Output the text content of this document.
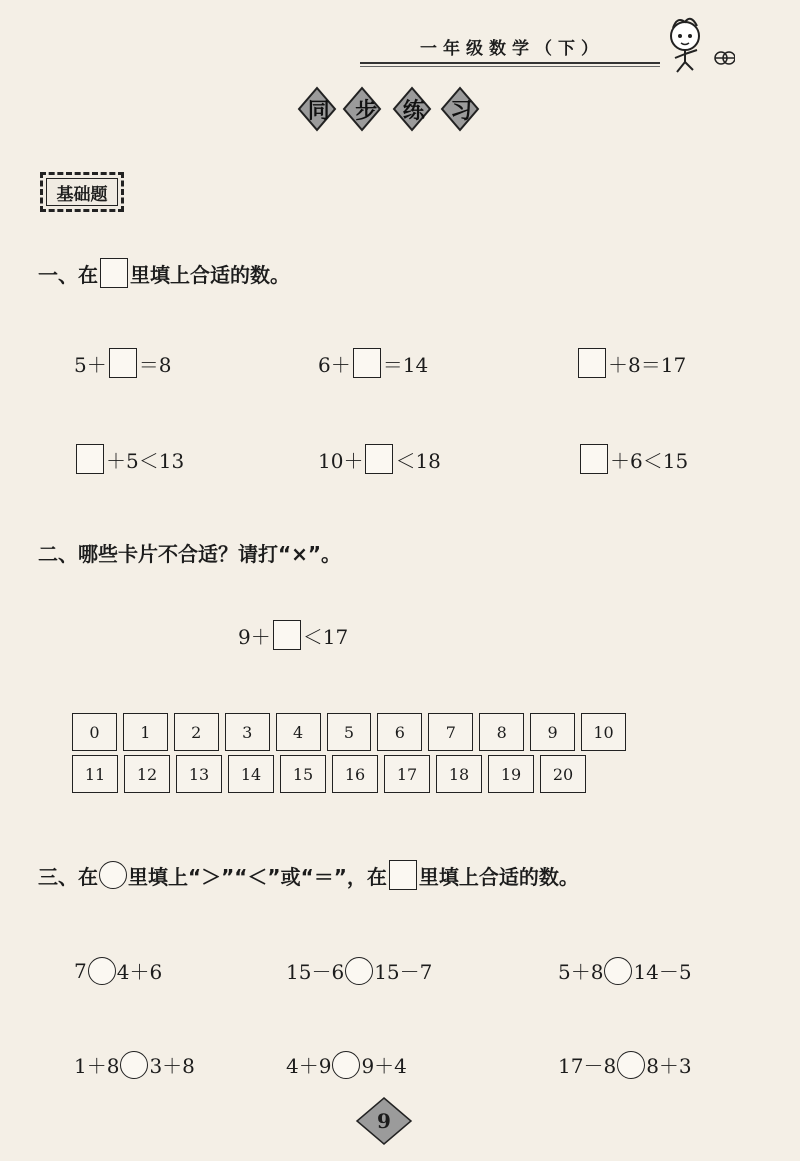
一年级数学（下）
同 步 练 习
基础题
一、在 里填上合适的数。
5＋ ＝8	6＋ ＝14	＋8＝17
＋5＜13	10＋ ＜18	＋6＜15
二、哪些卡片不合适？请打“×”。
9＋ ＜17
0	1	2	3	4	5	6	7	8	9	10
11	12	13	14	15	16	17	18	19	20
三、在 里填上“＞”“＜”或“＝”，在 里填上合适的数。
7 4＋6	15－6 15－7	5＋8 14－5
1＋8 3＋8	4＋9 9＋4	17－8 8＋3
9
